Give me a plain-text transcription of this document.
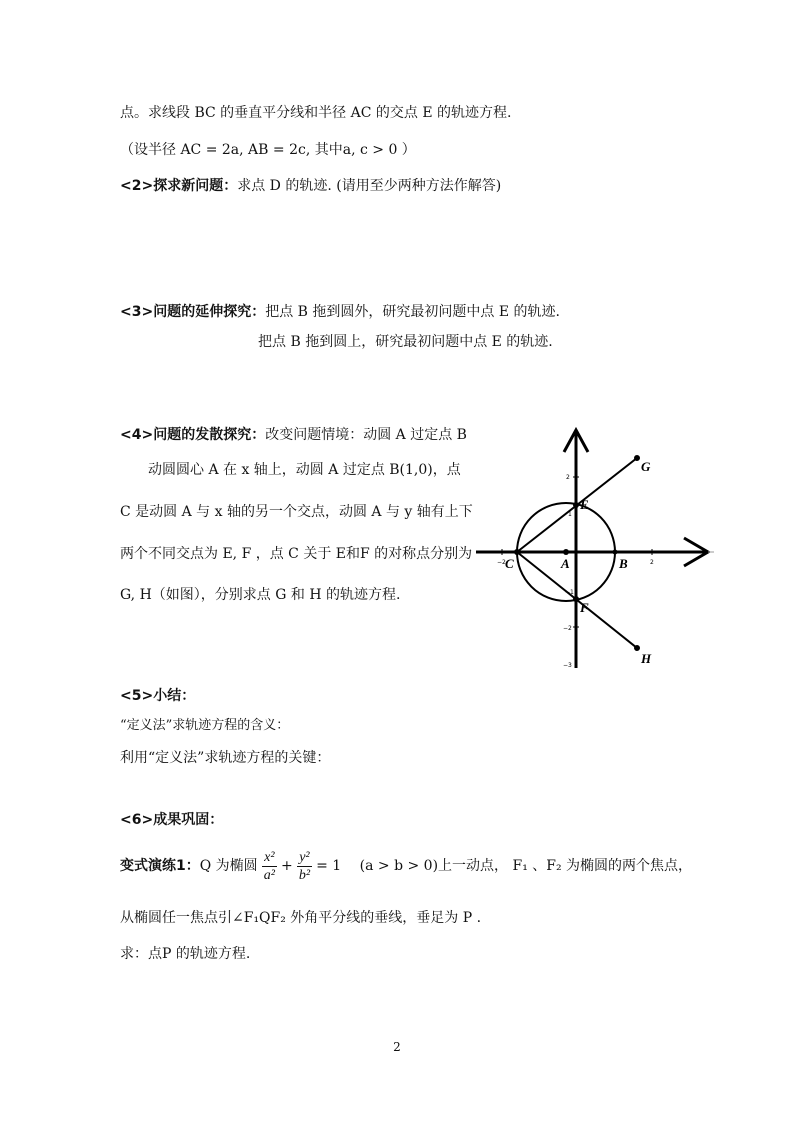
点。求线段 BC 的垂直平分线和半径 AC 的交点 E 的轨迹方程.
（设半径 AC = 2a, AB = 2c, 其中a, c > 0 ）
<2>探求新问题：求点 D 的轨迹. (请用至少两种方法作解答)
<3>问题的延伸探究：把点 B 拖到圆外，研究最初问题中点 E 的轨迹.
把点 B 拖到圆上，研究最初问题中点 E 的轨迹.
<4>问题的发散探究：改变问题情境：动圆 A 过定点 B
动圆圆心 A 在 x 轴上，动圆 A 过定点 B(1,0)，点
C 是动圆 A 与 x 轴的另一个交点，动圆 A 与 y 轴有上下
两个不同交点为 E, F ，点 C 关于 E和F 的对称点分别为
G, H（如图），分别求点 G 和 H 的轨迹方程.
<5>小结：
“定义法”求轨迹方程的含义：
利用“定义法”求轨迹方程的关键：
<6>成果巩固：
变式演练1：Q 为椭圆 $\frac{\text{x²}}{\text{a²}} + \frac{\text{y²}}{\text{b²}} = 1$ (a > b > 0)上一动点， F₁ 、F₂ 为椭圆的两个焦点，
从椭圆任一焦点引∠F₁QF₂ 外角平分线的垂线，垂足为 P .
求：点P 的轨迹方程.
G
H
E
F
C	A	B
−2	2
2
1
−1
−2
−3
2
